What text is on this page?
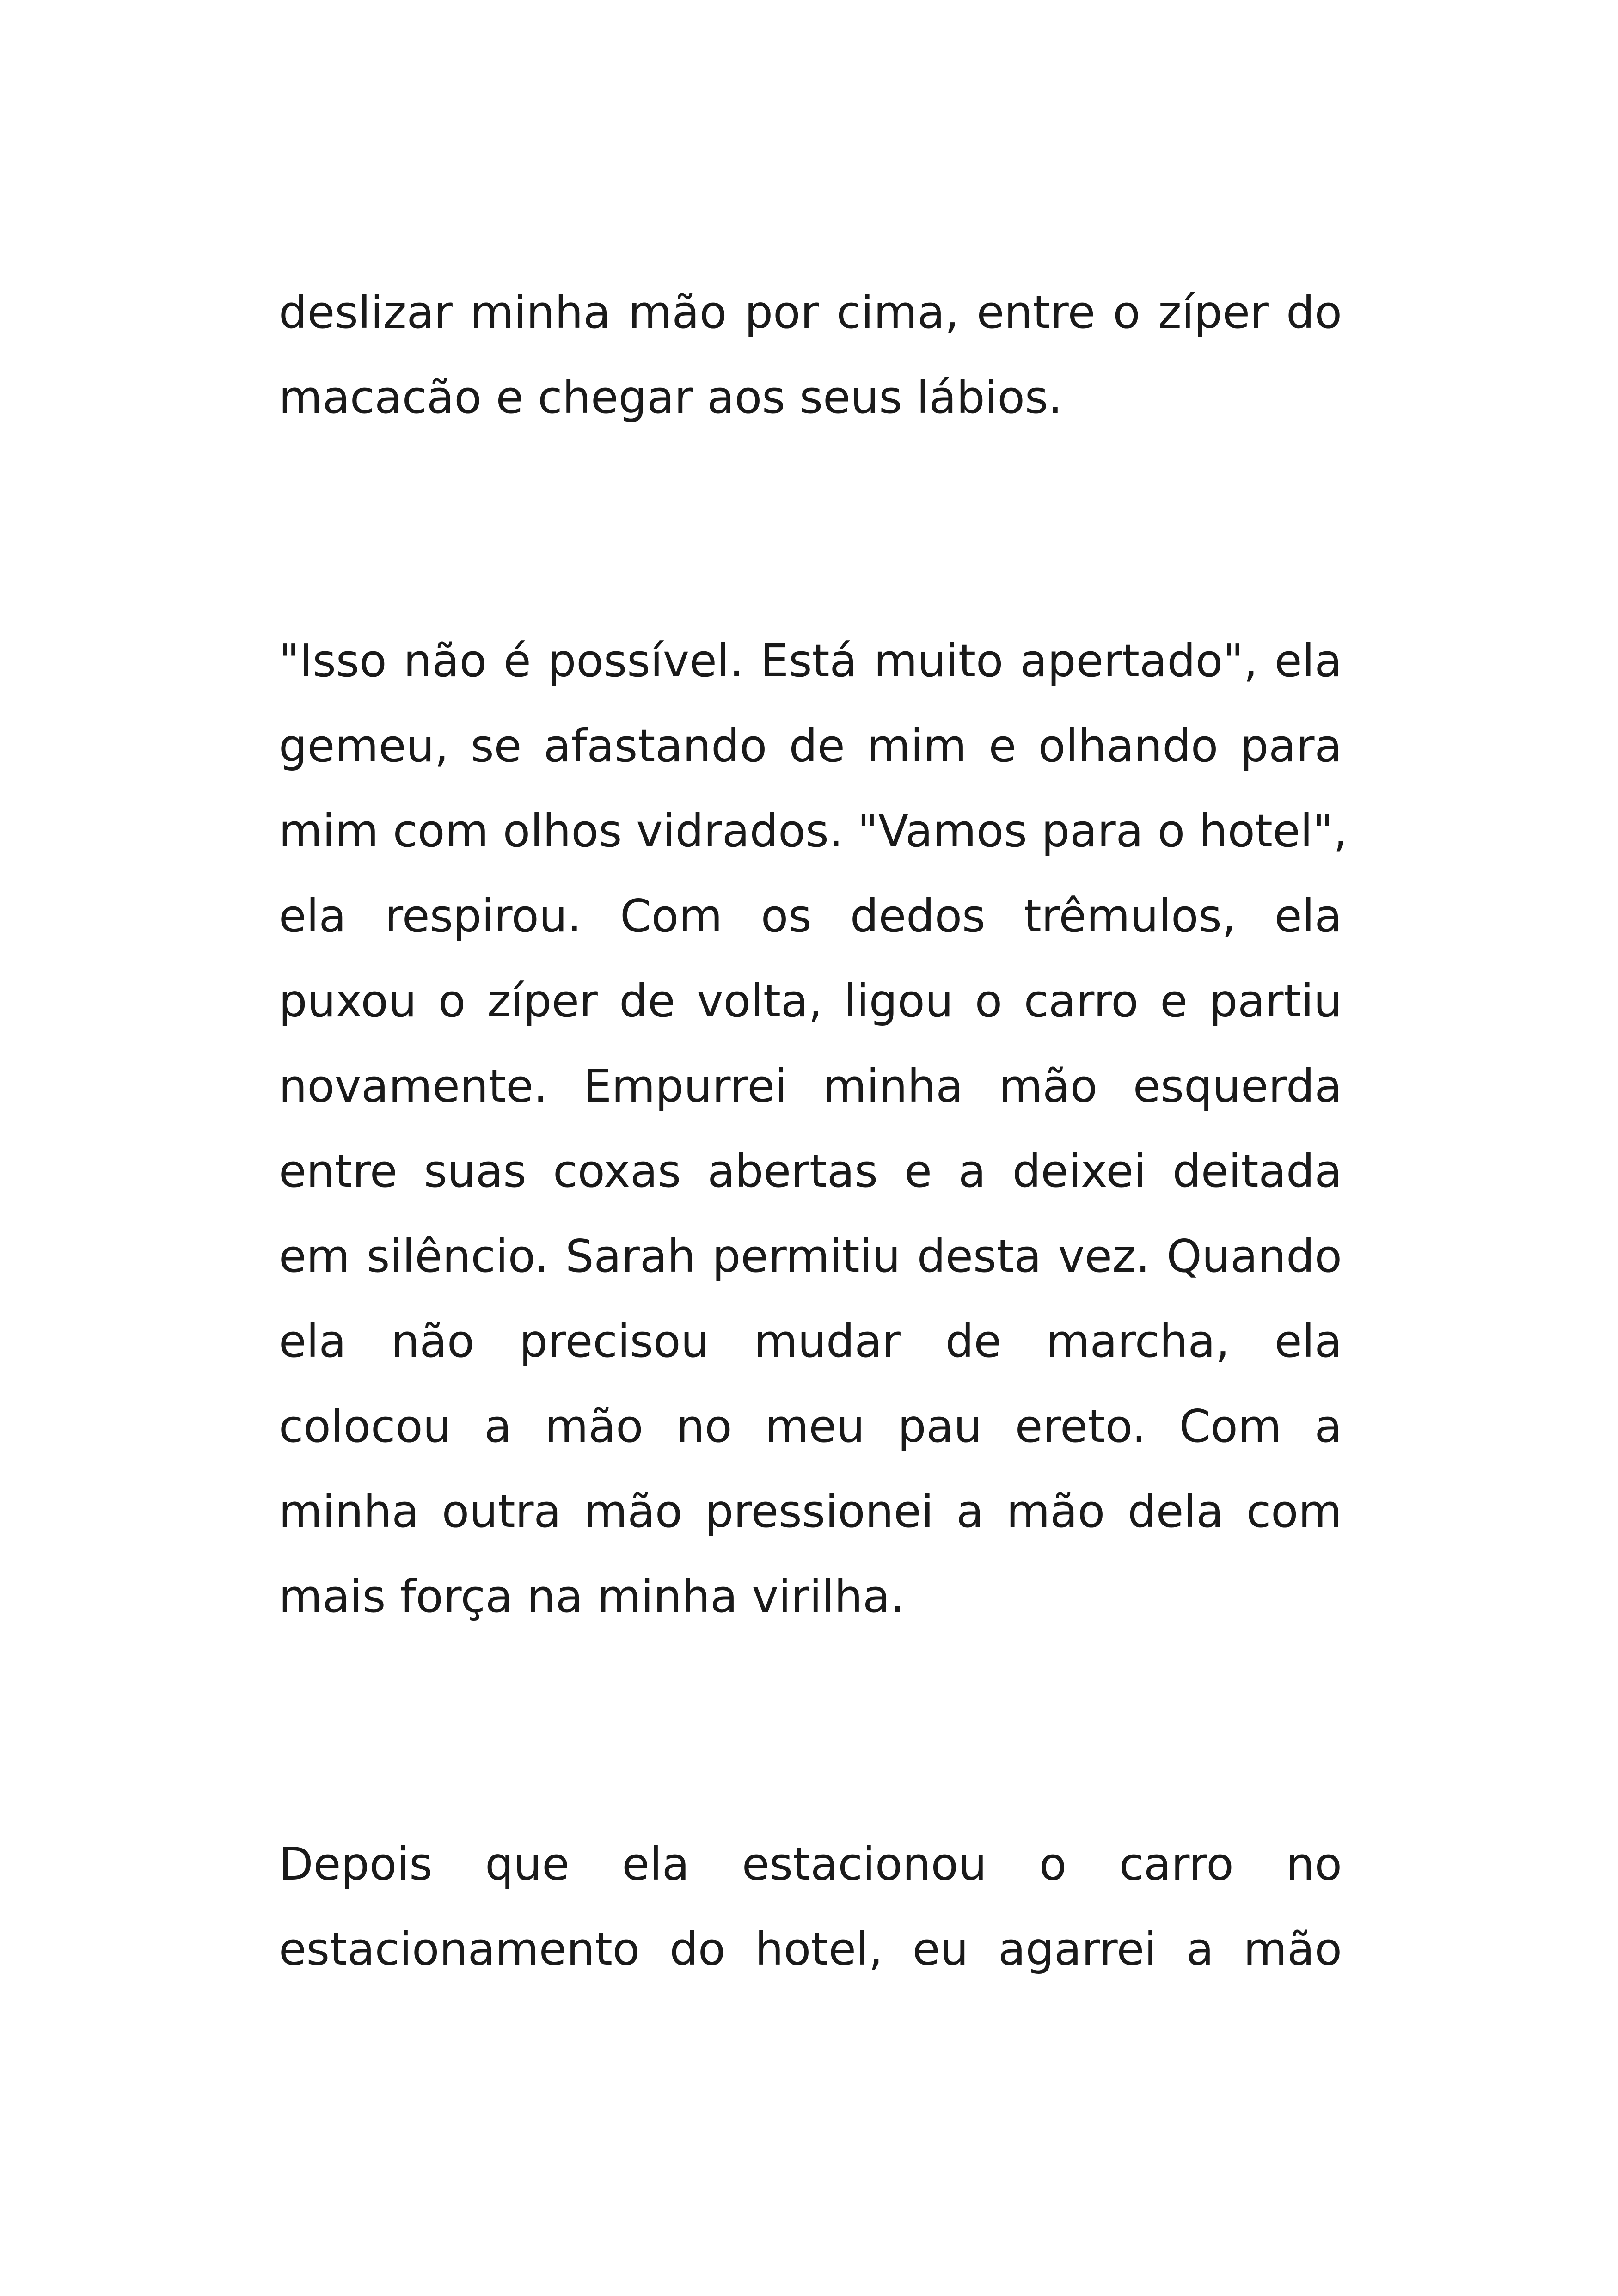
deslizar minha mão por cima, entre o zíper do
macacão e chegar aos seus lábios.

"Isso não é possível. Está muito apertado", ela
gemeu, se afastando de mim e olhando para
mim com olhos vidrados. "Vamos para o hotel",
ela respirou. Com os dedos trêmulos, ela
puxou o zíper de volta, ligou o carro e partiu
novamente. Empurrei minha mão esquerda
entre suas coxas abertas e a deixei deitada
em silêncio. Sarah permitiu desta vez. Quando
ela não precisou mudar de marcha, ela
colocou a mão no meu pau ereto. Com a
minha outra mão pressionei a mão dela com
mais força na minha virilha.

Depois que ela estacionou o carro no
estacionamento do hotel, eu agarrei a mão
